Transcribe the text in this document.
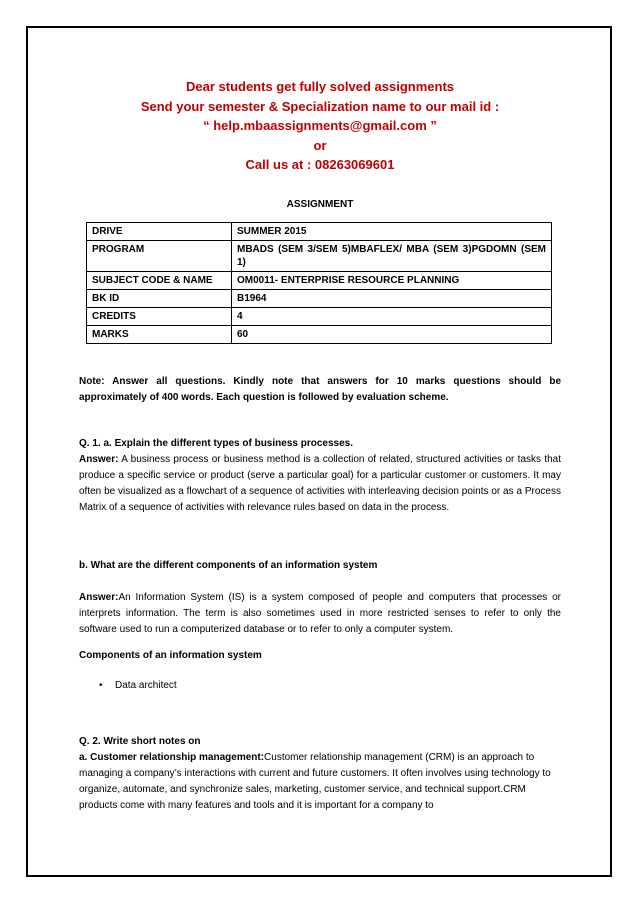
Dear students get fully solved assignments
Send your semester & Specialization name to our mail id :
“ help.mbaassignments@gmail.com ”
or
Call us at : 08263069601
ASSIGNMENT
DRIVE	SUMMER 2015
PROGRAM	MBADS (SEM 3/SEM 5)MBAFLEX/ MBA (SEM 3)PGDOMN (SEM 1)
SUBJECT CODE & NAME	OM0011- ENTERPRISE RESOURCE PLANNING
BK ID	B1964
CREDITS	4
MARKS	60

Note: Answer all questions. Kindly note that answers for 10 marks questions should be approximately of 400 words. Each question is followed by evaluation scheme.

Q. 1. a. Explain the different types of business processes.

Answer: A business process or business method is a collection of related, structured activities or tasks that produce a specific service or product (serve a particular goal) for a particular customer or customers. It may often be visualized as a flowchart of a sequence of activities with interleaving decision points or as a Process Matrix of a sequence of activities with relevance rules based on data in the process.

b. What are the different components of an information system

Answer:An Information System (IS) is a system composed of people and computers that processes or interprets information. The term is also sometimes used in more restricted senses to refer to only the software used to run a computerized database or to refer to only a computer system.

Components of an information system

•	Data architect

Q. 2. Write short notes on

a. Customer relationship management:Customer relationship management (CRM) is an approach to managing a company’s interactions with current and future customers. It often involves using technology to organize, automate, and synchronize sales, marketing, customer service, and technical support.CRM products come with many features and tools and it is important for a company to
